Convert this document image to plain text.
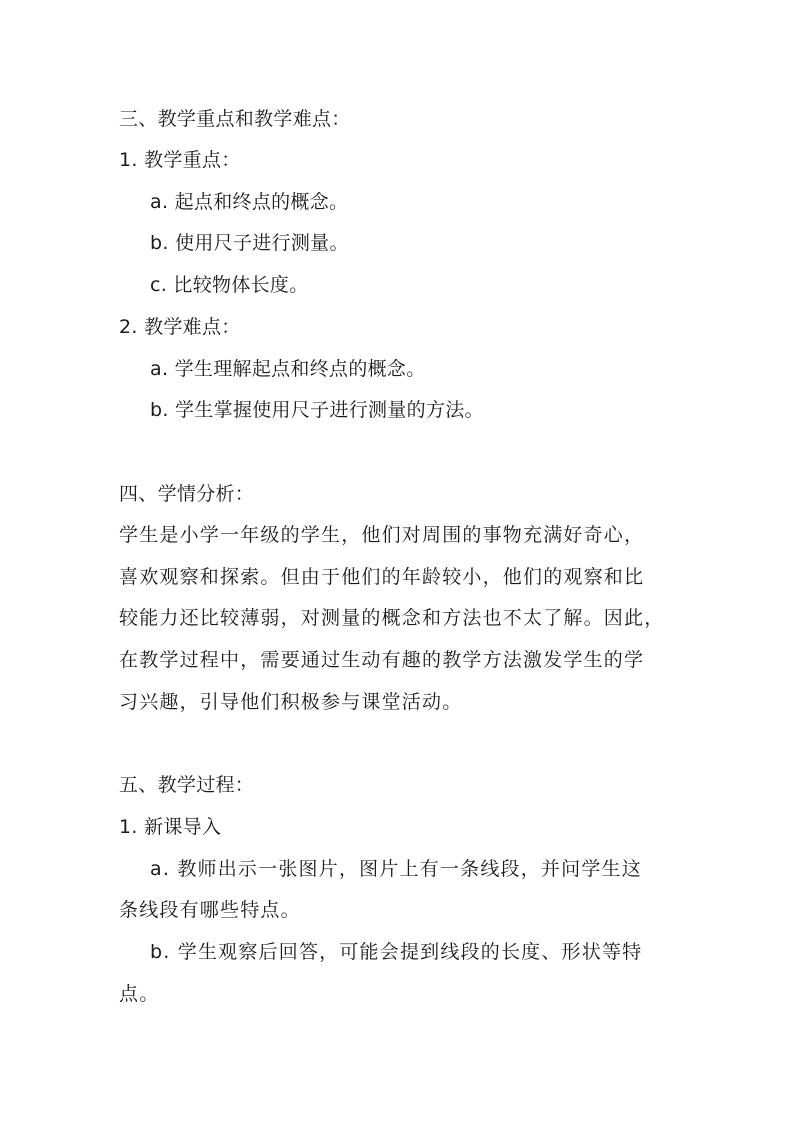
三、教学重点和教学难点：
1. 教学重点：
a. 起点和终点的概念。
b. 使用尺子进行测量。
c. 比较物体长度。
2. 教学难点：
a. 学生理解起点和终点的概念。
b. 学生掌握使用尺子进行测量的方法。
四、学情分析：
学生是小学一年级的学生，他们对周围的事物充满好奇心，
喜欢观察和探索。但由于他们的年龄较小，他们的观察和比
较能力还比较薄弱，对测量的概念和方法也不太了解。因此，
在教学过程中，需要通过生动有趣的教学方法激发学生的学
习兴趣，引导他们积极参与课堂活动。
五、教学过程：
1. 新课导入
a. 教师出示一张图片，图片上有一条线段，并问学生这
条线段有哪些特点。
b. 学生观察后回答，可能会提到线段的长度、形状等特
点。
